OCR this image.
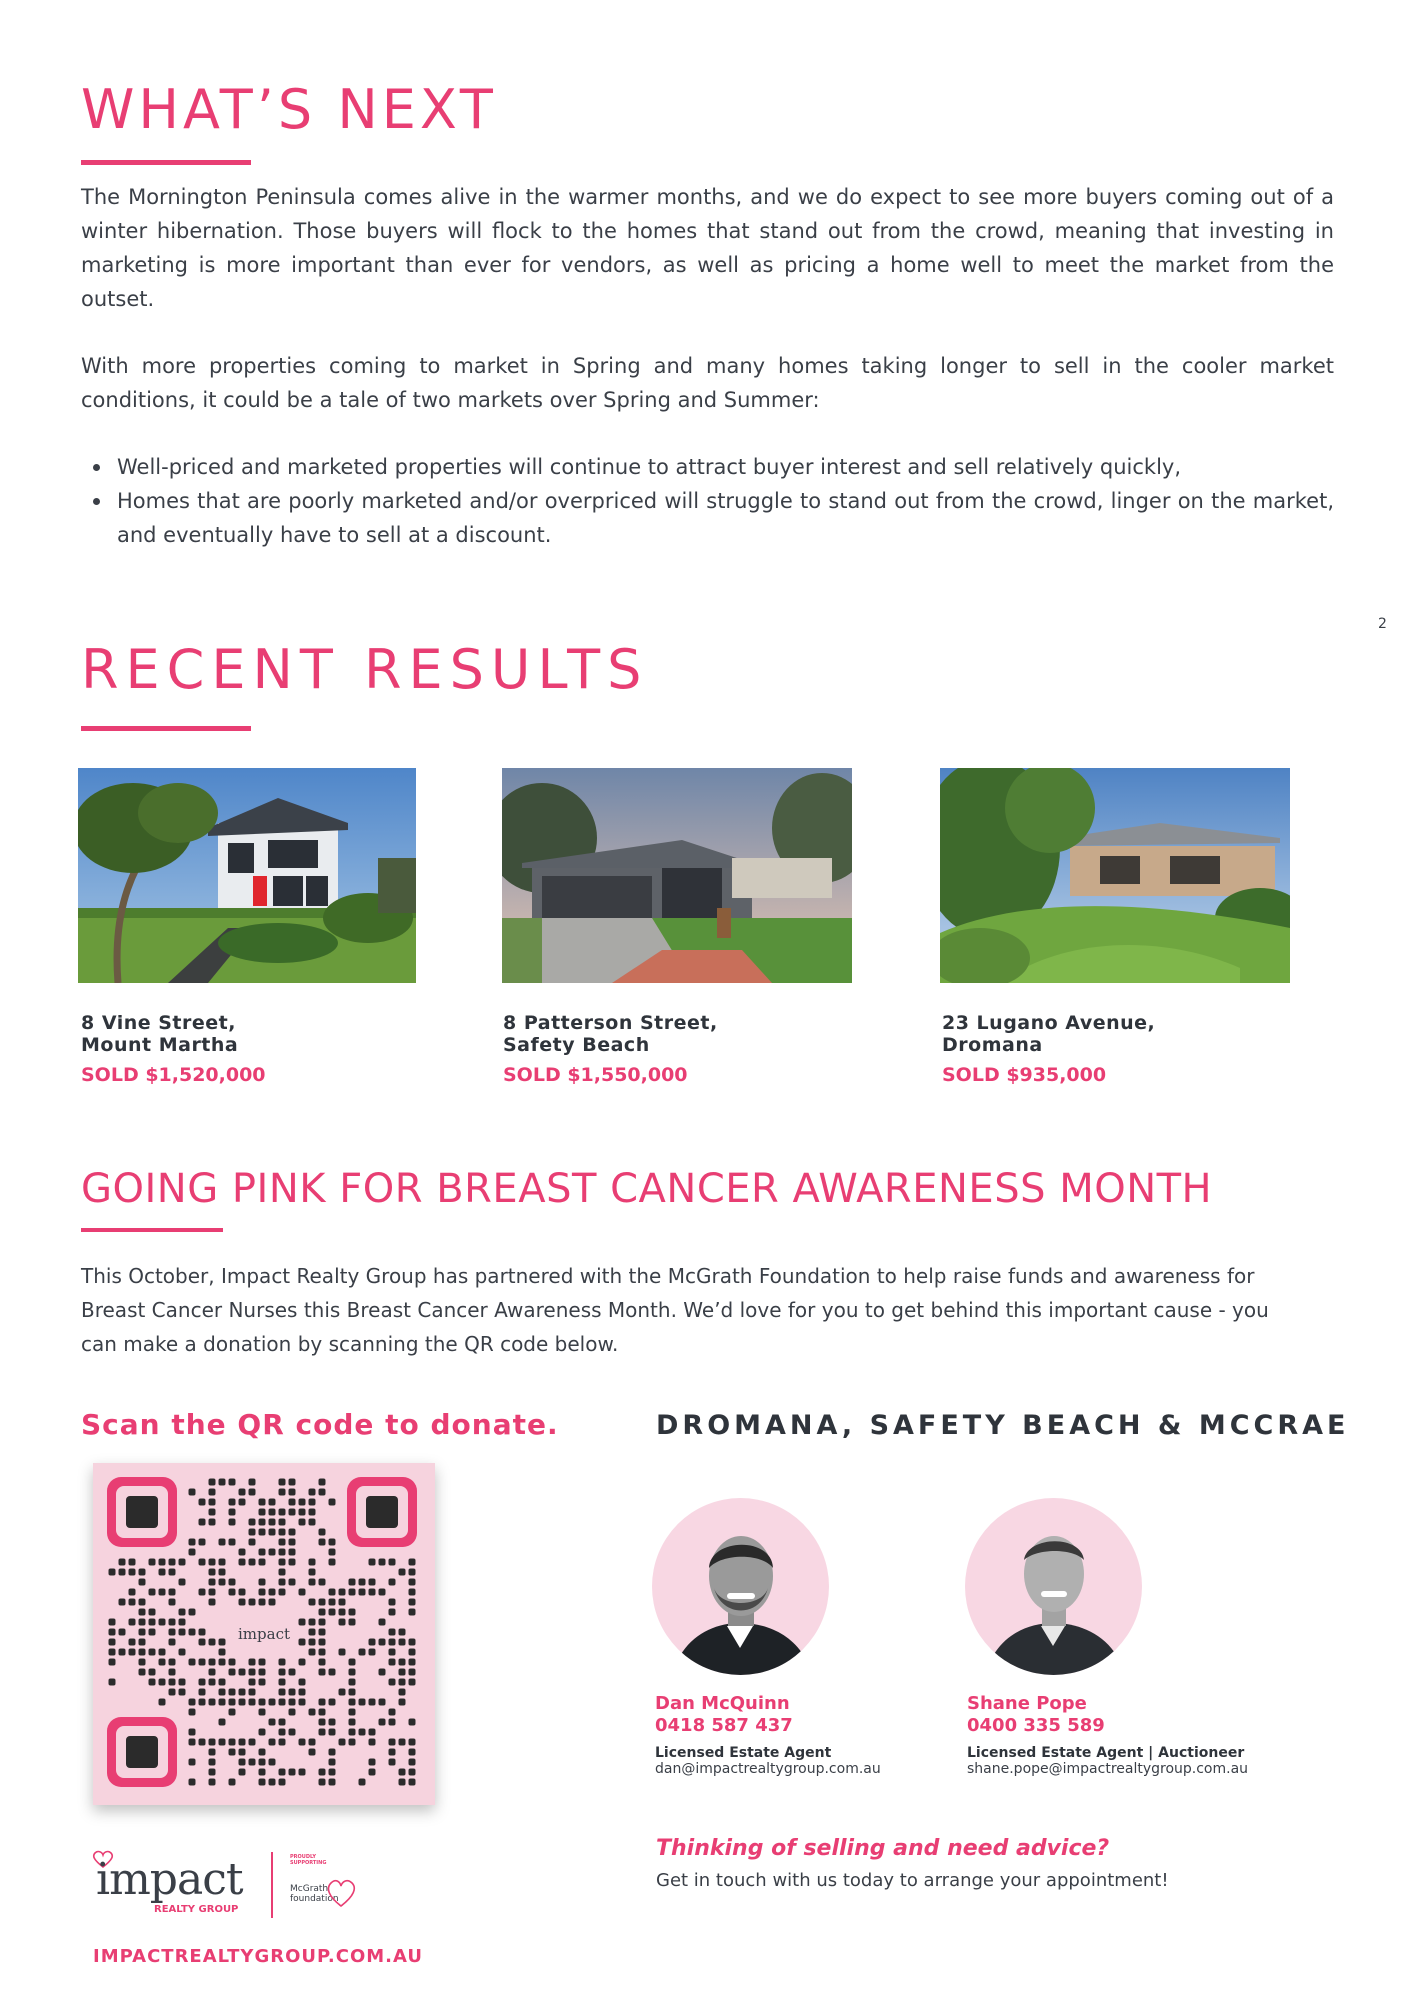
WHAT’S NEXT

The Mornington Peninsula comes alive in the warmer months, and we do expect to see more buyers coming out of a winter hibernation. Those buyers will flock to the homes that stand out from the crowd, meaning that investing in marketing is more important than ever for vendors, as well as pricing a home well to meet the market from the outset.

With more properties coming to market in Spring and many homes taking longer to sell in the cooler market conditions, it could be a tale of two markets over Spring and Summer:

Well-priced and marketed properties will continue to attract buyer interest and sell relatively quickly,
Homes that are poorly marketed and/or overpriced will struggle to stand out from the crowd, linger on the market, and eventually have to sell at a discount.
2
RECENT RESULTS
8 Vine Street,
Mount Martha
SOLD $1,520,000
8 Patterson Street,
Safety Beach
SOLD $1,550,000
23 Lugano Avenue,
Dromana
SOLD $935,000
GOING PINK FOR BREAST CANCER AWARENESS MONTH

This October, Impact Realty Group has partnered with the McGrath Foundation to help raise funds and awareness for Breast Cancer Nurses this Breast Cancer Awareness Month. We’d love for you to get behind this important cause - you can make a donation by scanning the QR code below.

Scan the QR code to donate.
impact
DROMANA, SAFETY BEACH & MCCRAE
Dan McQuinn
0418 587 437
Licensed Estate Agent
dan@impactrealtygroup.com.au
Shane Pope
0400 335 589
Licensed Estate Agent | Auctioneer
shane.pope@impactrealtygroup.com.au
Thinking of selling and need advice?
Get in touch with us today to arrange your appointment!
impact
REALTY GROUP
PROUDLY SUPPORTING
McGrath
foundation
IMPACTREALTYGROUP.COM.AU
